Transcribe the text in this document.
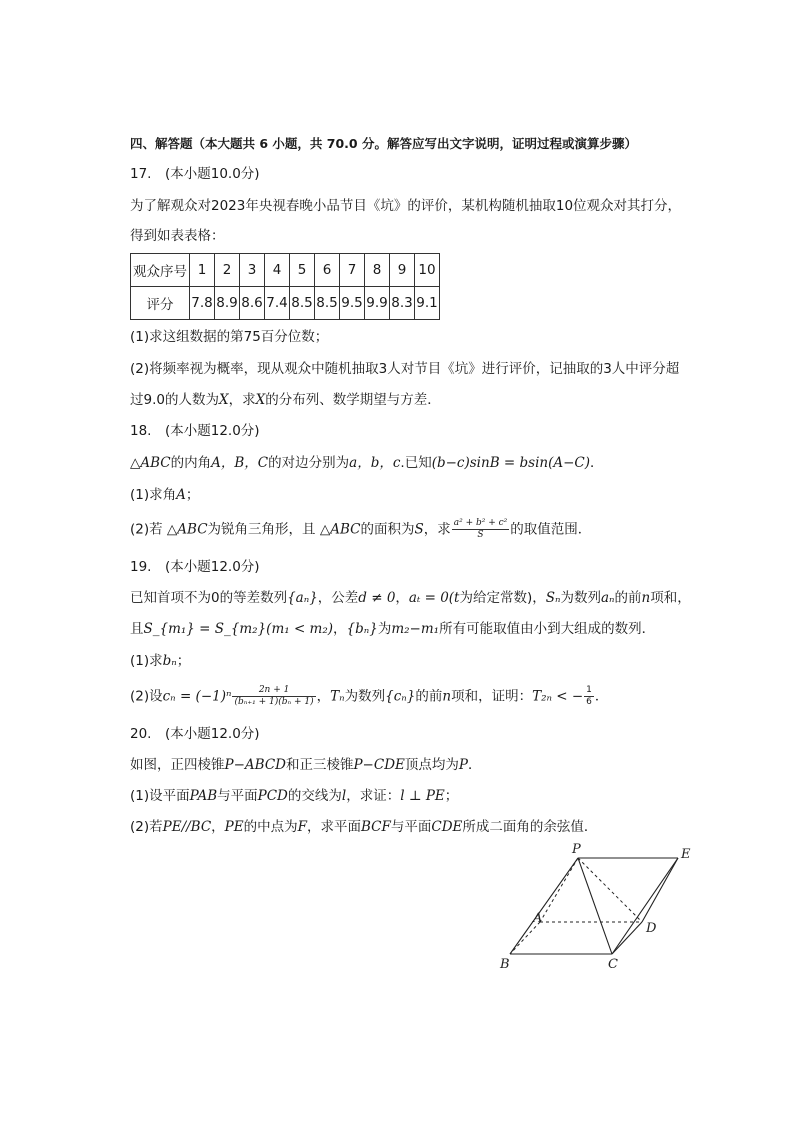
四、解答题（本大题共 6 小题，共 70.0 分。解答应写出文字说明，证明过程或演算步骤）
17.　(本小题10.0分)
为了解观众对2023年央视春晚小品节目《坑》的评价，某机构随机抽取10位观众对其打分，
得到如表表格：
观众序号	1	2	3	4	5	6	7	8	9	10
评分	7.8	8.9	8.6	7.4	8.5	8.5	9.5	9.9	8.3	9.1
(1)求这组数据的第75百分位数；
(2)将频率视为概率，现从观众中随机抽取3人对节目《坑》进行评价，记抽取的3人中评分超
过9.0的人数为X，求X的分布列、数学期望与方差．
18.　(本小题12.0分)
△ABC的内角A，B，C的对边分别为a，b，c.已知(b−c)sinB = bsin(A−C)．
(1)求角A；
(2)若 △ABC为锐角三角形，且 △ABC的面积为S，求 $\frac{\text{a² + b² + c²}}{S}$ 的取值范围．
19.　(本小题12.0分)
已知首项不为0的等差数列{aₙ}，公差d ≠ 0，aₜ = 0(t为给定常数)，Sₙ为数列aₙ的前n项和，
且S_{m₁} = S_{m₂}(m₁ < m₂)，{bₙ}为m₂−m₁所有可能取值由小到大组成的数列．
(1)求bₙ；
(2)设$c_n = (-1)^n \frac{2n + 1}{\text{(bₙ₊₁ + 1)(bₙ + 1)}}$ ，Tₙ为数列{cₙ}的前n项和，证明：T₂ₙ < − $\frac{1}{6}$ ．
20.　(本小题12.0分)
如图，正四棱锥P−ABCD和正三棱锥P−CDE顶点均为P．
(1)设平面PAB与平面PCD的交线为l，求证：l ⊥ PE；
(2)若PE//BC，PE的中点为F，求平面BCF与平面CDE所成二面角的余弦值．
P	E
A
D
B	C
